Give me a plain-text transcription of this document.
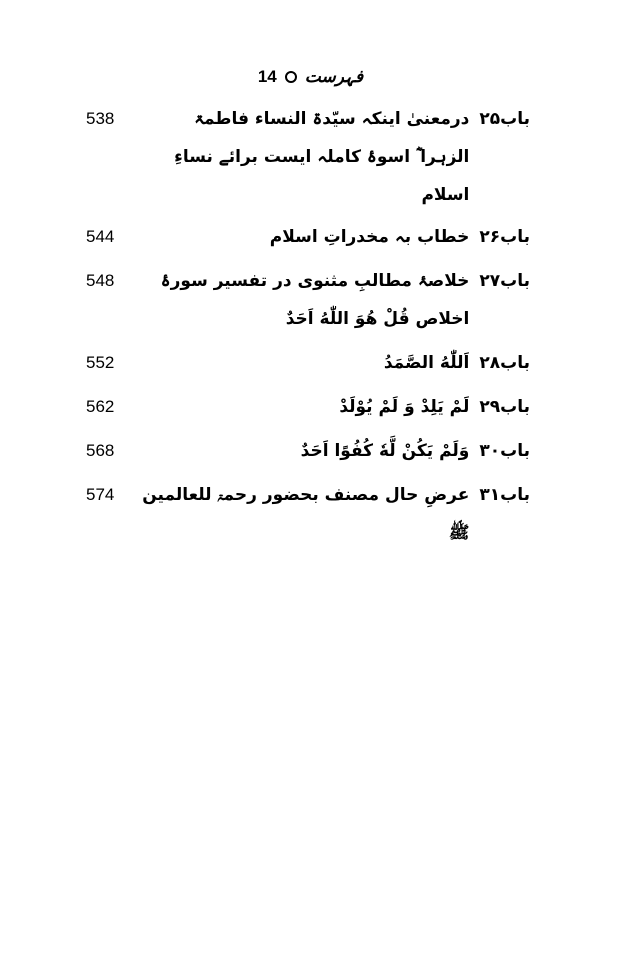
فہرست
14
باب۲۵
درمعنیٰ اینکہ سیّدۃ النساء فاطمۃ الزہرا ؓ اسوۂ کاملہ ایست برائے نساءِ اسلام
538
باب۲۶
خطاب بہ مخدراتِ اسلام
544
باب۲۷
خلاصۂ مطالبِ مثنوی در تفسیر سورۂ اخلاص قُلْ هُوَ اللّٰهُ اَحَدٌ
548
باب۲۸
اَللّٰهُ الصَّمَدُ
552
باب۲۹
لَمْ يَلِدْ وَ لَمْ يُوْلَدْ
562
باب۳۰
وَلَمْ يَكُنْ لَّهٗ كُفُوًا اَحَدٌ
568
باب۳۱
عرضِ حال مصنف بحضور رحمۃ للعالمین ﷺ
574
